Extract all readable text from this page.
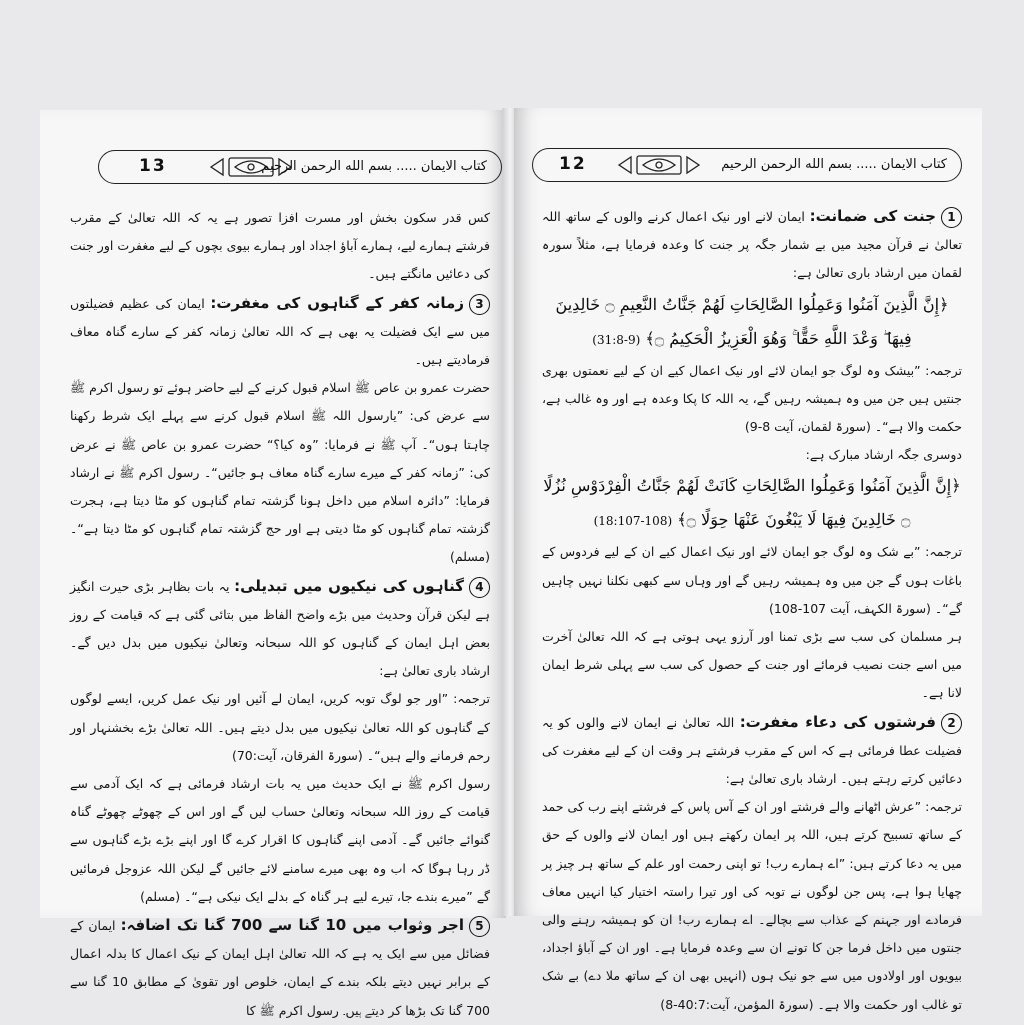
13	كتاب الايمان ..... بسم الله الرحمن الرحيم

کس قدر سکون بخش اور مسرت افزا تصور ہے یہ کہ اللہ تعالیٰ کے مقرب فرشتے ہمارے لیے، ہمارے آباؤ اجداد اور ہمارے بیوی بچوں کے لیے مغفرت اور جنت کی دعائیں مانگتے ہیں۔

3زمانہ کفر کے گناہوں کی مغفرت: ایمان کی عظیم فضیلتوں میں سے ایک فضیلت یہ بھی ہے کہ اللہ تعالیٰ زمانہ کفر کے سارے گناہ معاف فرمادیتے ہیں۔

حضرت عمرو بن عاص ﷺ اسلام قبول کرنے کے لیے حاضر ہوئے تو رسول اکرم ﷺ سے عرض کی: ”یارسول اللہ ﷺ اسلام قبول کرنے سے پہلے ایک شرط رکھنا چاہتا ہوں“۔ آپ ﷺ نے فرمایا: ”وہ کیا؟“ حضرت عمرو بن عاص ﷺ نے عرض کی: ”زمانہ کفر کے میرے سارے گناہ معاف ہو جائیں“۔ رسول اکرم ﷺ نے ارشاد فرمایا: ”دائرہ اسلام میں داخل ہونا گزشتہ تمام گناہوں کو مٹا دیتا ہے، ہجرت گزشتہ تمام گناہوں کو مٹا دیتی ہے اور حج گزشتہ تمام گناہوں کو مٹا دیتا ہے“۔ (مسلم)

4گناہوں کی نیکیوں میں تبدیلی: یہ بات بظاہر بڑی حیرت انگیز ہے لیکن قرآن وحدیث میں بڑے واضح الفاظ میں بتائی گئی ہے کہ قیامت کے روز بعض اہل ایمان کے گناہوں کو اللہ سبحانہ وتعالیٰ نیکیوں میں بدل دیں گے۔ ارشاد باری تعالیٰ ہے:

ترجمہ: ”اور جو لوگ توبہ کریں، ایمان لے آئیں اور نیک عمل کریں، ایسے لوگوں کے گناہوں کو اللہ تعالیٰ نیکیوں میں بدل دیتے ہیں۔ اللہ تعالیٰ بڑے بخشنہار اور رحم فرمانے والے ہیں“۔ (سورۃ الفرقان، آیت:70)

رسول اکرم ﷺ نے ایک حدیث میں یہ بات ارشاد فرمائی ہے کہ ایک آدمی سے قیامت کے روز اللہ سبحانہ وتعالیٰ حساب لیں گے اور اس کے چھوٹے چھوٹے گناہ گنوائے جائیں گے۔ آدمی اپنے گناہوں کا اقرار کرے گا اور اپنے بڑے بڑے گناہوں سے ڈر رہا ہوگا کہ اب وہ بھی میرے سامنے لائے جائیں گے لیکن اللہ عزوجل فرمائیں گے ”میرے بندے جا، تیرے لیے ہر گناہ کے بدلے ایک نیکی ہے“۔ (مسلم)

5اجر وثواب میں 10 گنا سے 700 گنا تک اضافہ: ایمان کے فضائل میں سے ایک یہ ہے کہ اللہ تعالیٰ اہل ایمان کے نیک اعمال کا بدلہ اعمال کے برابر نہیں دیتے بلکہ بندے کے ایمان، خلوص اور تقویٰ کے مطابق 10 گنا سے 700 گنا تک بڑھا کر دیتے ہیں۔ رسول اکرم ﷺ کا

12	كتاب الايمان ..... بسم الله الرحمن الرحيم

1جنت کی ضمانت: ایمان لانے اور نیک اعمال کرنے والوں کے ساتھ اللہ تعالیٰ نے قرآن مجید میں بے شمار جگہ پر جنت کا وعدہ فرمایا ہے، مثلاً سورہ لقمان میں ارشاد باری تعالیٰ ہے:

﴿إِنَّ الَّذِينَ آمَنُوا وَعَمِلُوا الصَّالِحَاتِ لَهُمْ جَنَّاتُ النَّعِيمِ ۝ خَالِدِينَ فِيهَا ۖ وَعْدَ اللَّهِ حَقًّا ۚ وَهُوَ الْعَزِيزُ الْحَكِيمُ ۝﴾ (31:8-9)

ترجمہ: ”بیشک وہ لوگ جو ایمان لائے اور نیک اعمال کیے ان کے لیے نعمتوں بھری جنتیں ہیں جن میں وہ ہمیشہ رہیں گے، یہ اللہ کا پکا وعدہ ہے اور وہ غالب ہے، حکمت والا ہے“۔ (سورۃ لقمان، آیت 8-9)

دوسری جگہ ارشاد مبارک ہے:

﴿إِنَّ الَّذِينَ آمَنُوا وَعَمِلُوا الصَّالِحَاتِ كَانَتْ لَهُمْ جَنَّاتُ الْفِرْدَوْسِ نُزُلًا ۝ خَالِدِينَ فِيهَا لَا يَبْغُونَ عَنْهَا حِوَلًا ۝﴾ (18:107-108)

ترجمہ: ”بے شک وہ لوگ جو ایمان لائے اور نیک اعمال کیے ان کے لیے فردوس کے باغات ہوں گے جن میں وہ ہمیشہ رہیں گے اور وہاں سے کبھی نکلنا نہیں چاہیں گے“۔ (سورۃ الکہف، آیت 107-108)

ہر مسلمان کی سب سے بڑی تمنا اور آرزو یہی ہوتی ہے کہ اللہ تعالیٰ آخرت میں اسے جنت نصیب فرمائے اور جنت کے حصول کی سب سے پہلی شرط ایمان لانا ہے۔

2فرشتوں کی دعاء مغفرت: اللہ تعالیٰ نے ایمان لانے والوں کو یہ فضیلت عطا فرمائی ہے کہ اس کے مقرب فرشتے ہر وقت ان کے لیے مغفرت کی دعائیں کرتے رہتے ہیں۔ ارشاد باری تعالیٰ ہے:

ترجمہ: ”عرش اٹھانے والے فرشتے اور ان کے آس پاس کے فرشتے اپنے رب کی حمد کے ساتھ تسبیح کرتے ہیں، اللہ پر ایمان رکھتے ہیں اور ایمان لانے والوں کے حق میں یہ دعا کرتے ہیں: ”اے ہمارے رب! تو اپنی رحمت اور علم کے ساتھ ہر چیز پر چھایا ہوا ہے، پس جن لوگوں نے توبہ کی اور تیرا راستہ اختیار کیا انہیں معاف فرمادے اور جہنم کے عذاب سے بچالے۔ اے ہمارے رب! ان کو ہمیشہ رہنے والی جنتوں میں داخل فرما جن کا تونے ان سے وعدہ فرمایا ہے۔ اور ان کے آباؤ اجداد، بیویوں اور اولادوں میں سے جو نیک ہوں (انہیں بھی ان کے ساتھ ملا دے) بے شک تو غالب اور حکمت والا ہے۔ (سورۃ المؤمن، آیت:40:7-8)
